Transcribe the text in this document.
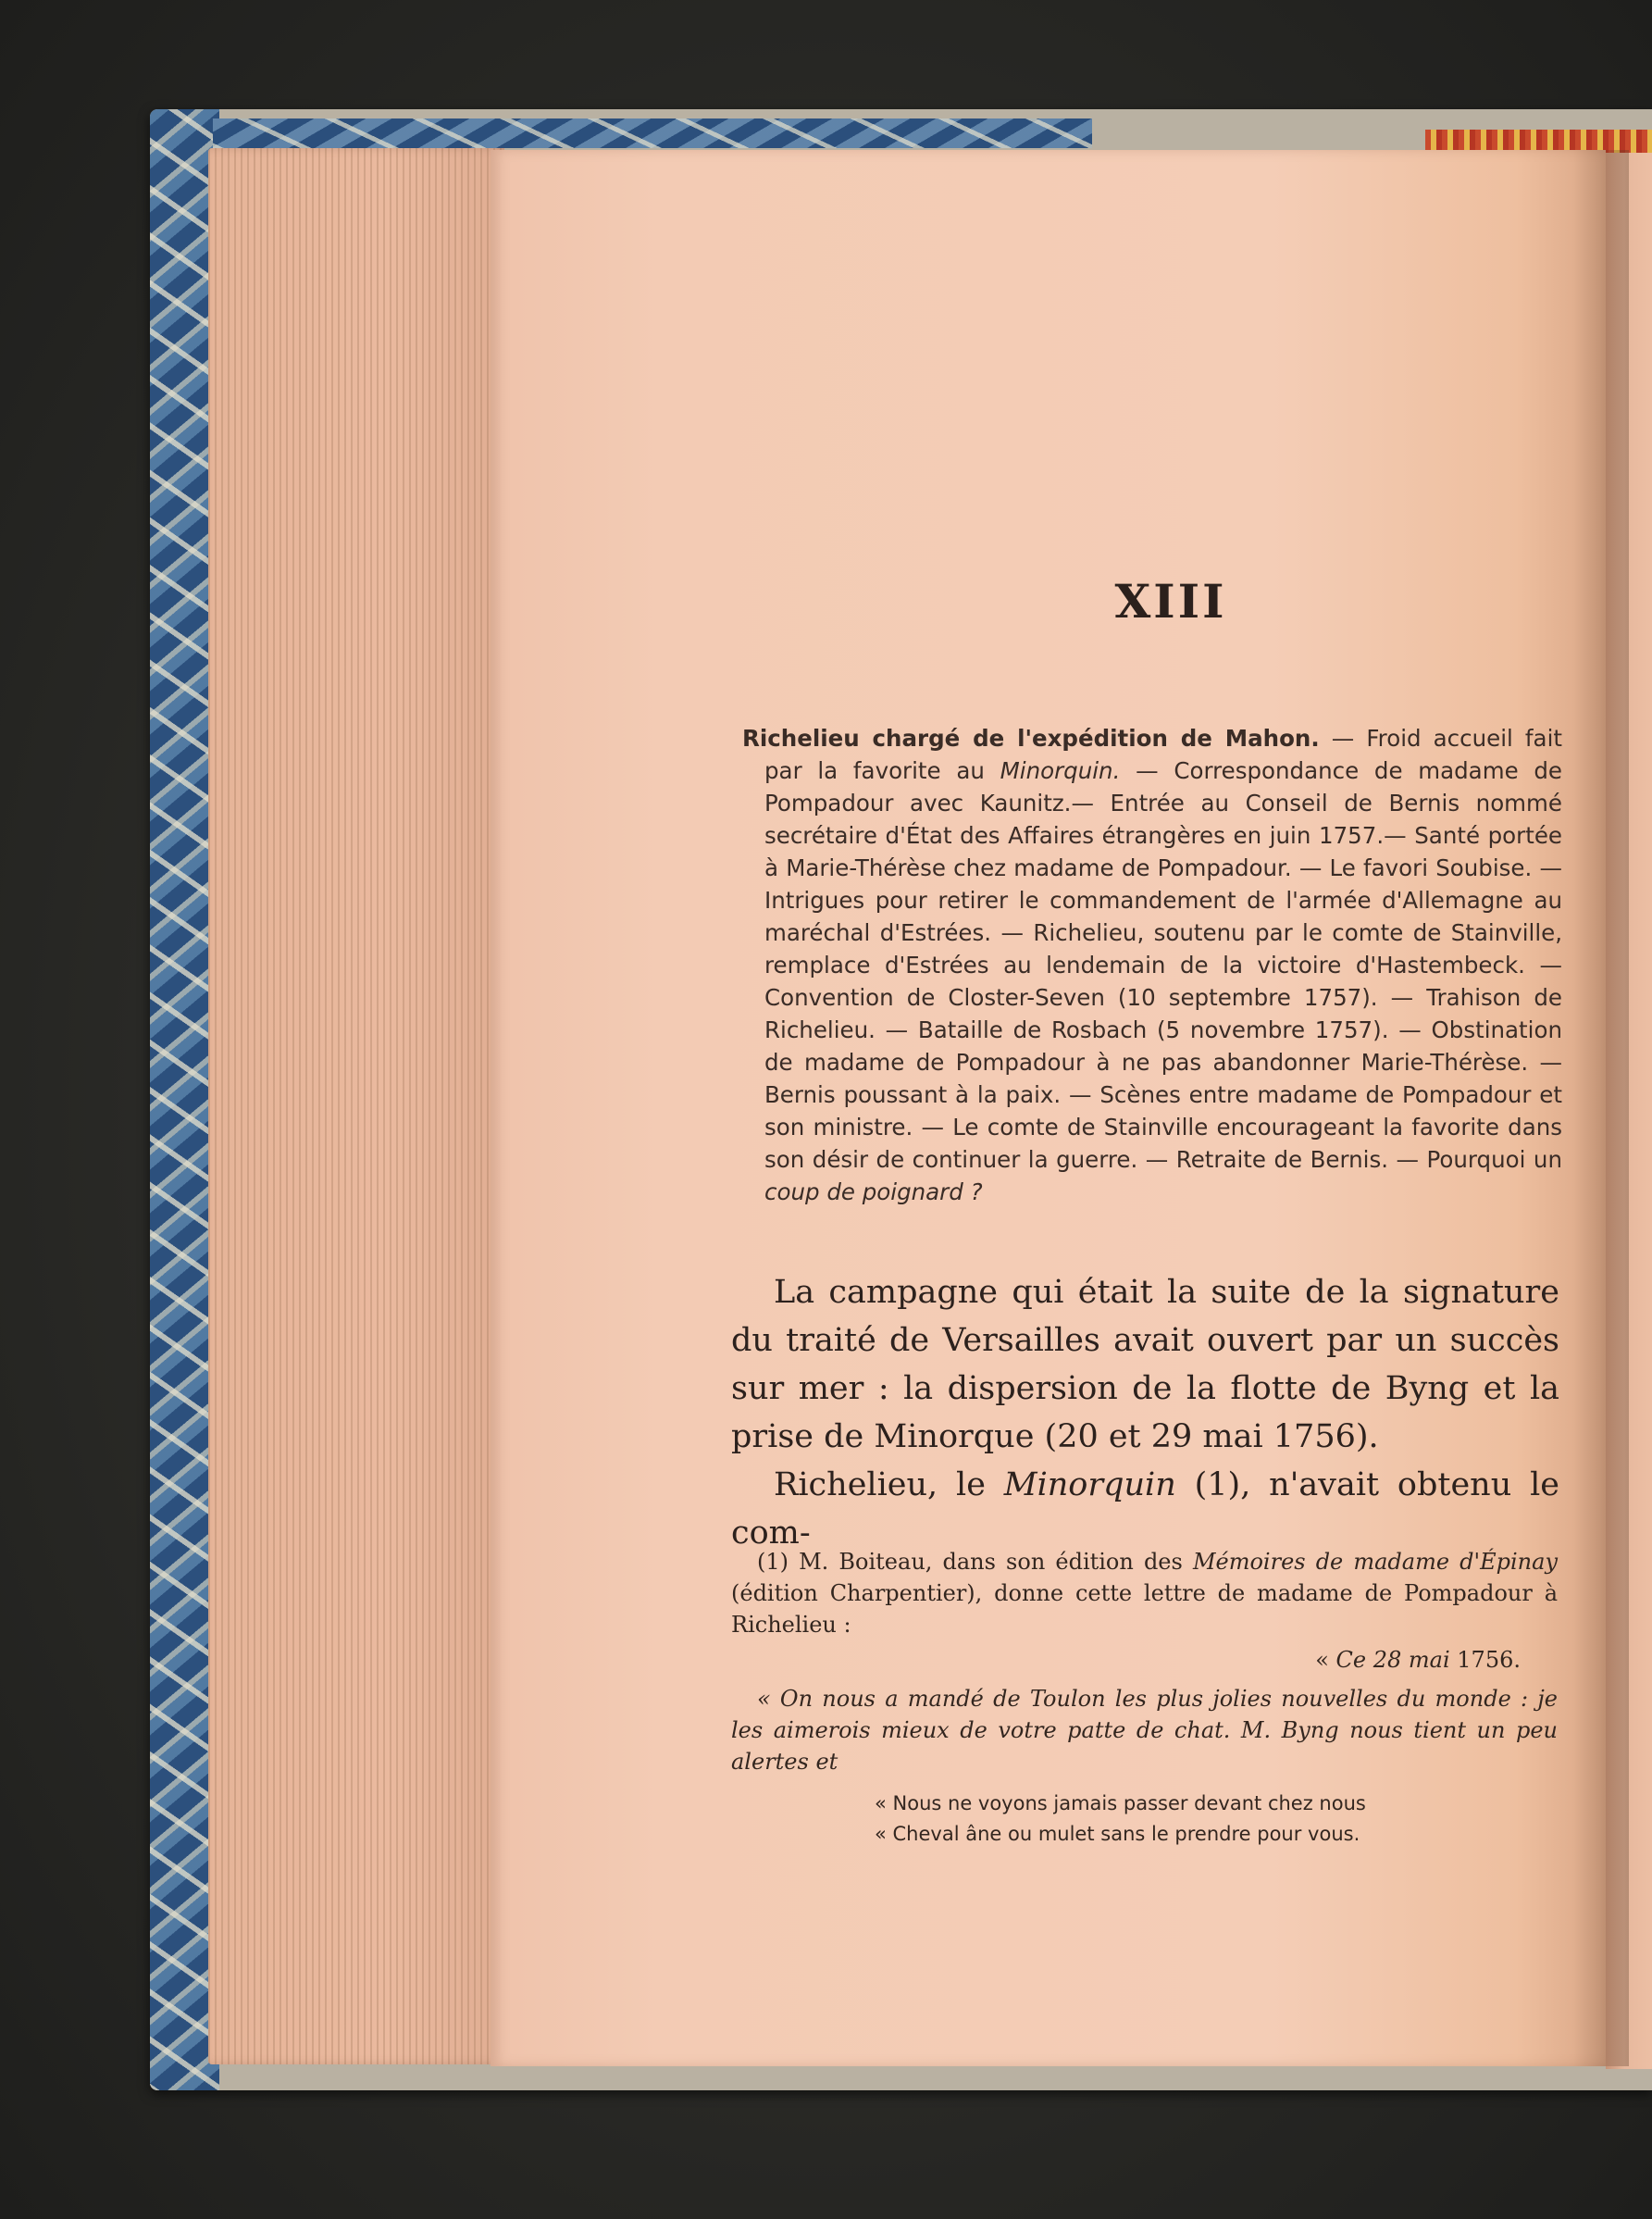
XIII
Richelieu chargé de l'expédition de Mahon. — Froid accueil fait par la favorite au Minorquin. — Correspondance de madame de Pompadour avec Kaunitz.— Entrée au Conseil de Bernis nommé secrétaire d'État des Affaires étrangères en juin 1757.— Santé portée à Marie-Thérèse chez madame de Pompadour. — Le favori Soubise. — Intrigues pour retirer le commandement de l'armée d'Allemagne au maréchal d'Estrées. — Richelieu, soutenu par le comte de Stainville, remplace d'Estrées au lendemain de la victoire d'Hastembeck. — Convention de Closter-Seven (10 septembre 1757). — Trahison de Richelieu. — Bataille de Rosbach (5 novembre 1757). — Obstination de madame de Pompadour à ne pas abandonner Marie-Thérèse. — Bernis poussant à la paix. — Scènes entre madame de Pompadour et son ministre. — Le comte de Stainville encourageant la favorite dans son désir de continuer la guerre. — Retraite de Bernis. — Pourquoi un coup de poignard ?

La campagne qui était la suite de la signature du traité de Versailles avait ouvert par un succès sur mer : la dispersion de la flotte de Byng et la prise de Minorque (20 et 29 mai 1756).

Richelieu, le Minorquin (1), n'avait obtenu le com-

(1) M. Boiteau, dans son édition des Mémoires de madame d'Épinay (édition Charpentier), donne cette lettre de madame de Pompadour à Richelieu :

« Ce 28 mai 1756.

« On nous a mandé de Toulon les plus jolies nouvelles du monde : je les aimerois mieux de votre patte de chat. M. Byng nous tient un peu alertes et

« Nous ne voyons jamais passer devant chez nous
« Cheval âne ou mulet sans le prendre pour vous.
